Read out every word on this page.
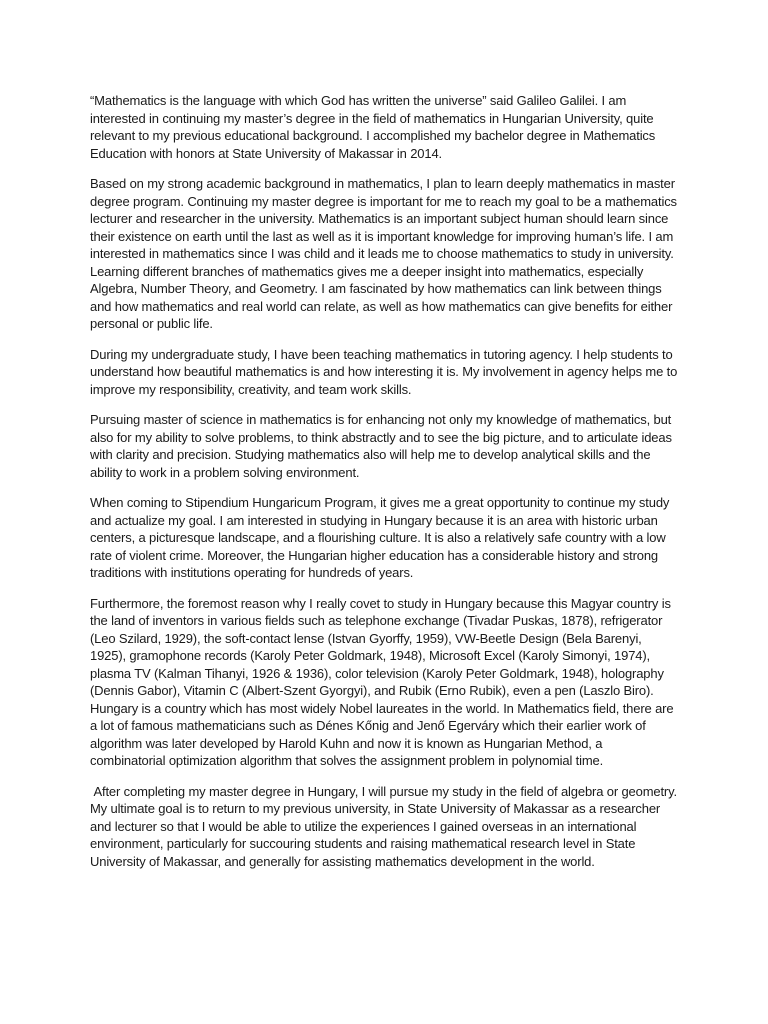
“Mathematics is the language with which God has written the universe” said Galileo Galilei. I am interested in continuing my master’s degree in the field of mathematics in Hungarian University, quite relevant to my previous educational background. I accomplished my bachelor degree in Mathematics Education with honors at State University of Makassar in 2014.

Based on my strong academic background in mathematics, I plan to learn deeply mathematics in master degree program. Continuing my master degree is important for me to reach my goal to be a mathematics lecturer and researcher in the university. Mathematics is an important subject human should learn since their existence on earth until the last as well as it is important knowledge for improving human’s life. I am interested in mathematics since I was child and it leads me to choose mathematics to study in university. Learning different branches of mathematics gives me a deeper insight into mathematics, especially Algebra, Number Theory, and Geometry. I am fascinated by how mathematics can link between things and how mathematics and real world can relate, as well as how mathematics can give benefits for either personal or public life.

During my undergraduate study, I have been teaching mathematics in tutoring agency. I help students to understand how beautiful mathematics is and how interesting it is. My involvement in agency helps me to improve my responsibility, creativity, and team work skills.

Pursuing master of science in mathematics is for enhancing not only my knowledge of mathematics, but also for my ability to solve problems, to think abstractly and to see the big picture, and to articulate ideas with clarity and precision. Studying mathematics also will help me to develop analytical skills and the ability to work in a problem solving environment.

When coming to Stipendium Hungaricum Program, it gives me a great opportunity to continue my study and actualize my goal. I am interested in studying in Hungary because it is an area with historic urban centers, a picturesque landscape, and a flourishing culture. It is also a relatively safe country with a low rate of violent crime. Moreover, the Hungarian higher education has a considerable history and strong traditions with institutions operating for hundreds of years.

Furthermore, the foremost reason why I really covet to study in Hungary because this Magyar country is the land of inventors in various fields such as telephone exchange (Tivadar Puskas, 1878), refrigerator (Leo Szilard, 1929), the soft-contact lense (Istvan Gyorffy, 1959), VW-Beetle Design (Bela Barenyi, 1925), gramophone records (Karoly Peter Goldmark, 1948), Microsoft Excel (Karoly Simonyi, 1974), plasma TV (Kalman Tihanyi, 1926 & 1936), color television (Karoly Peter Goldmark, 1948), holography (Dennis Gabor), Vitamin C (Albert-Szent Gyorgyi), and Rubik (Erno Rubik), even a pen (Laszlo Biro). Hungary is a country which has most widely Nobel laureates in the world. In Mathematics field, there are a lot of famous mathematicians such as Dénes Kőnig and Jenő Egerváry which their earlier work of algorithm was later developed by Harold Kuhn and now it is known as Hungarian Method, a combinatorial optimization algorithm that solves the assignment problem in polynomial time.

After completing my master degree in Hungary, I will pursue my study in the field of algebra or geometry. My ultimate goal is to return to my previous university, in State University of Makassar as a researcher and lecturer so that I would be able to utilize the experiences I gained overseas in an international environment, particularly for succouring students and raising mathematical research level in State University of Makassar, and generally for assisting mathematics development in the world.
